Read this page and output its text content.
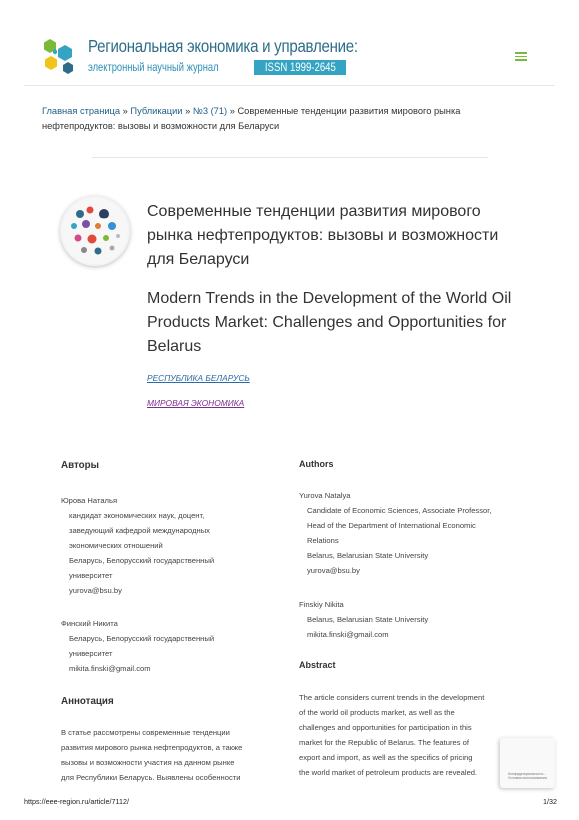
Региональная экономика и управление:
электронный научный журнал	ISSN 1999-2645
Главная страница » Публикации » №3 (71) » Современные тенденции развития мирового рынка нефтепродуктов: вызовы и возможности для Беларуси
Современные тенденции развития мирового рынка нефтепродуктов: вызовы и возможности для Беларуси
Modern Trends in the Development of the World Oil Products Market: Challenges and Opportunities for Belarus
РЕСПУБЛИКА БЕЛАРУСЬ
МИРОВАЯ ЭКОНОМИКА
Авторы
Юрова Наталья
кандидат экономических наук, доцент,
заведующий кафедрой международных
экономических отношений
Беларусь, Белорусский государственный
университет
yurova@bsu.by
Финский Никита
Беларусь, Белорусский государственный
университет
mikita.finski@gmail.com
Аннотация
В статье рассмотрены современные тенденции
развития мирового рынка нефтепродуктов, а также
вызовы и возможности участия на данном рынке
для Республики Беларусь. Выявлены особенности
Authors
Yurova Natalya
Candidate of Economic Sciences, Associate Professor,
Head of the Department of International Economic
Relations
Belarus, Belarusian State University
yurova@bsu.by
Finskiy Nikita
Belarus, Belarusian State University
mikita.finski@gmail.com
Abstract
The article considers current trends in the development
of the world oil products market, as well as the
challenges and opportunities for participation in this
market for the Republic of Belarus. The features of
export and import, as well as the specifics of pricing
the world market of petroleum products are revealed.	Конфиденциальность - Условия использования
https://eee-region.ru/article/7112/	1/32
